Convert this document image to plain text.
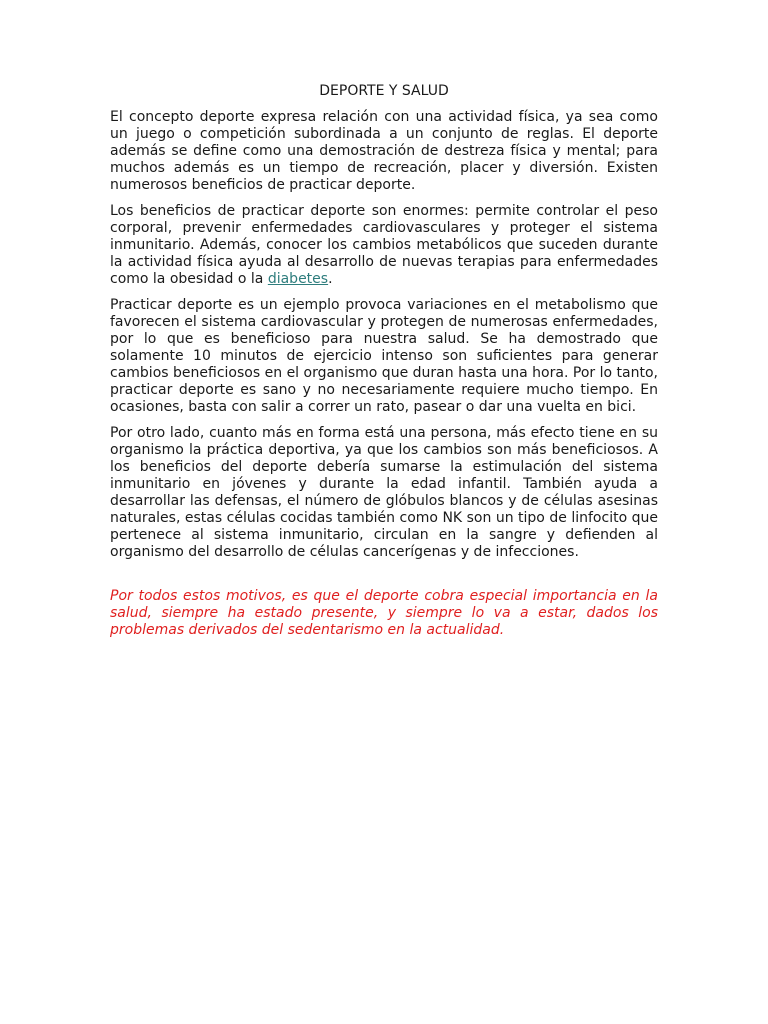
DEPORTE Y SALUD

El concepto deporte expresa relación con una actividad física, ya sea como un juego o competición subordinada a un conjunto de reglas. El deporte además se define como una demostración de destreza física y mental; para muchos además es un tiempo de recreación, placer y diversión. Existen numerosos beneficios de practicar deporte.

Los beneficios de practicar deporte son enormes: permite controlar el peso corporal, prevenir enfermedades cardiovasculares y proteger el sistema inmunitario. Además, conocer los cambios metabólicos que suceden durante la actividad física ayuda al desarrollo de nuevas terapias para enfermedades como la obesidad o la diabetes.

Practicar deporte es un ejemplo provoca variaciones en el metabolismo que favorecen el sistema cardiovascular y protegen de numerosas enfermedades, por lo que es beneficioso para nuestra salud. Se ha demostrado que solamente 10 minutos de ejercicio intenso son suficientes para generar cambios beneficiosos en el organismo que duran hasta una hora. Por lo tanto, practicar deporte es sano y no necesariamente requiere mucho tiempo. En ocasiones, basta con salir a correr un rato, pasear o dar una vuelta en bici.

Por otro lado, cuanto más en forma está una persona, más efecto tiene en su organismo la práctica deportiva, ya que los cambios son más beneficiosos. A los beneficios del deporte debería sumarse la estimulación del sistema inmunitario en jóvenes y durante la edad infantil. También ayuda a desarrollar las defensas, el número de glóbulos blancos y de células asesinas naturales, estas células cocidas también como NK son un tipo de linfocito que pertenece al sistema inmunitario, circulan en la sangre y defienden al organismo del desarrollo de células cancerígenas y de infecciones.

Por todos estos motivos, es que el deporte cobra especial importancia en la salud, siempre ha estado presente, y siempre lo va a estar, dados los problemas derivados del sedentarismo en la actualidad.
